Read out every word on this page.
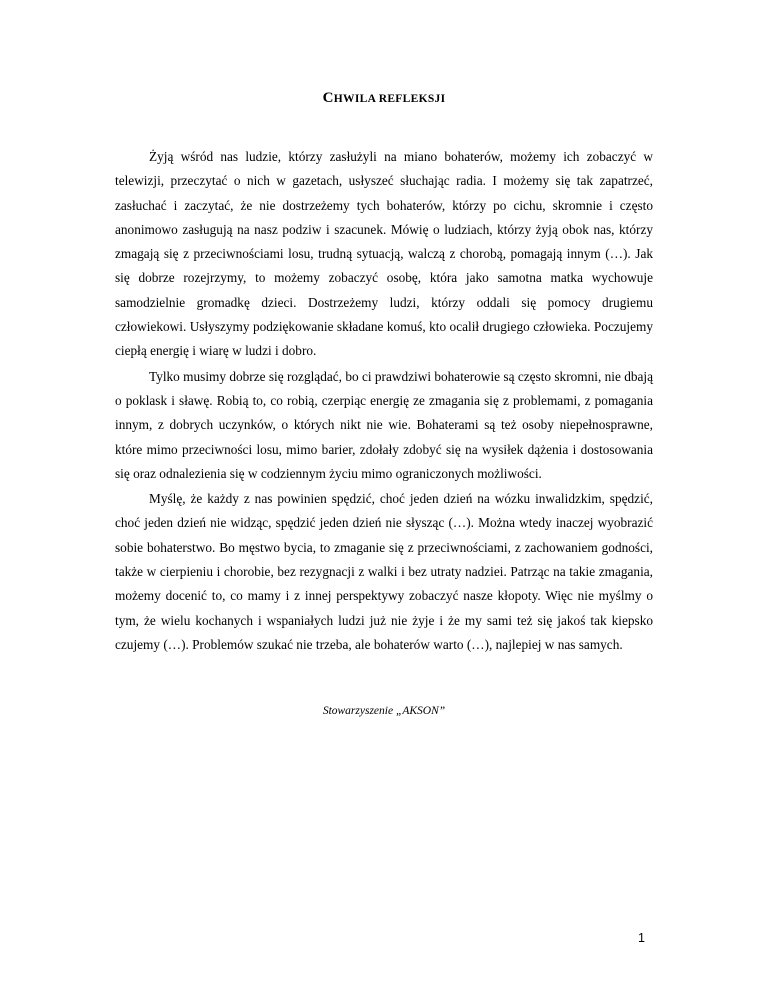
CHWILA REFLEKSJI

Żyją wśród nas ludzie, którzy zasłużyli na miano bohaterów, możemy ich zobaczyć w telewizji, przeczytać o nich w gazetach, usłyszeć słuchając radia. I możemy się tak zapatrzeć, zasłuchać i zaczytać, że nie dostrzeżemy tych bohaterów, którzy po cichu, skromnie i często anonimowo zasługują na nasz podziw i szacunek. Mówię o ludziach, którzy żyją obok nas, którzy zmagają się z przeciwnościami losu, trudną sytuacją, walczą z chorobą, pomagają innym (…). Jak się dobrze rozejrzymy, to możemy zobaczyć osobę, która jako samotna matka wychowuje samodzielnie gromadkę dzieci. Dostrzeżemy ludzi, którzy oddali się pomocy drugiemu człowiekowi. Usłyszymy podziękowanie składane komuś, kto ocalił drugiego człowieka. Poczujemy ciepłą energię i wiarę w ludzi i dobro.

Tylko musimy dobrze się rozglądać, bo ci prawdziwi bohaterowie są często skromni, nie dbają o poklask i sławę. Robią to, co robią, czerpiąc energię ze zmagania się z problemami, z pomagania innym, z dobrych uczynków, o których nikt nie wie. Bohaterami są też osoby niepełnosprawne, które mimo przeciwności losu, mimo barier, zdołały zdobyć się na wysiłek dążenia i dostosowania się oraz odnalezienia się w codziennym życiu mimo ograniczonych możliwości.

Myślę, że każdy z nas powinien spędzić, choć jeden dzień na wózku inwalidzkim, spędzić, choć jeden dzień nie widząc, spędzić jeden dzień nie słysząc (…). Można wtedy inaczej wyobrazić sobie bohaterstwo. Bo męstwo bycia, to zmaganie się z przeciwnościami, z zachowaniem godności, także w cierpieniu i chorobie, bez rezygnacji z walki i bez utraty nadziei. Patrząc na takie zmagania, możemy docenić to, co mamy i z innej perspektywy zobaczyć nasze kłopoty. Więc nie myślmy o tym, że wielu kochanych i wspaniałych ludzi już nie żyje i że my sami też się jakoś tak kiepsko czujemy (…). Problemów szukać nie trzeba, ale bohaterów warto (…), najlepiej w nas samych.

Stowarzyszenie „AKSON”
1
